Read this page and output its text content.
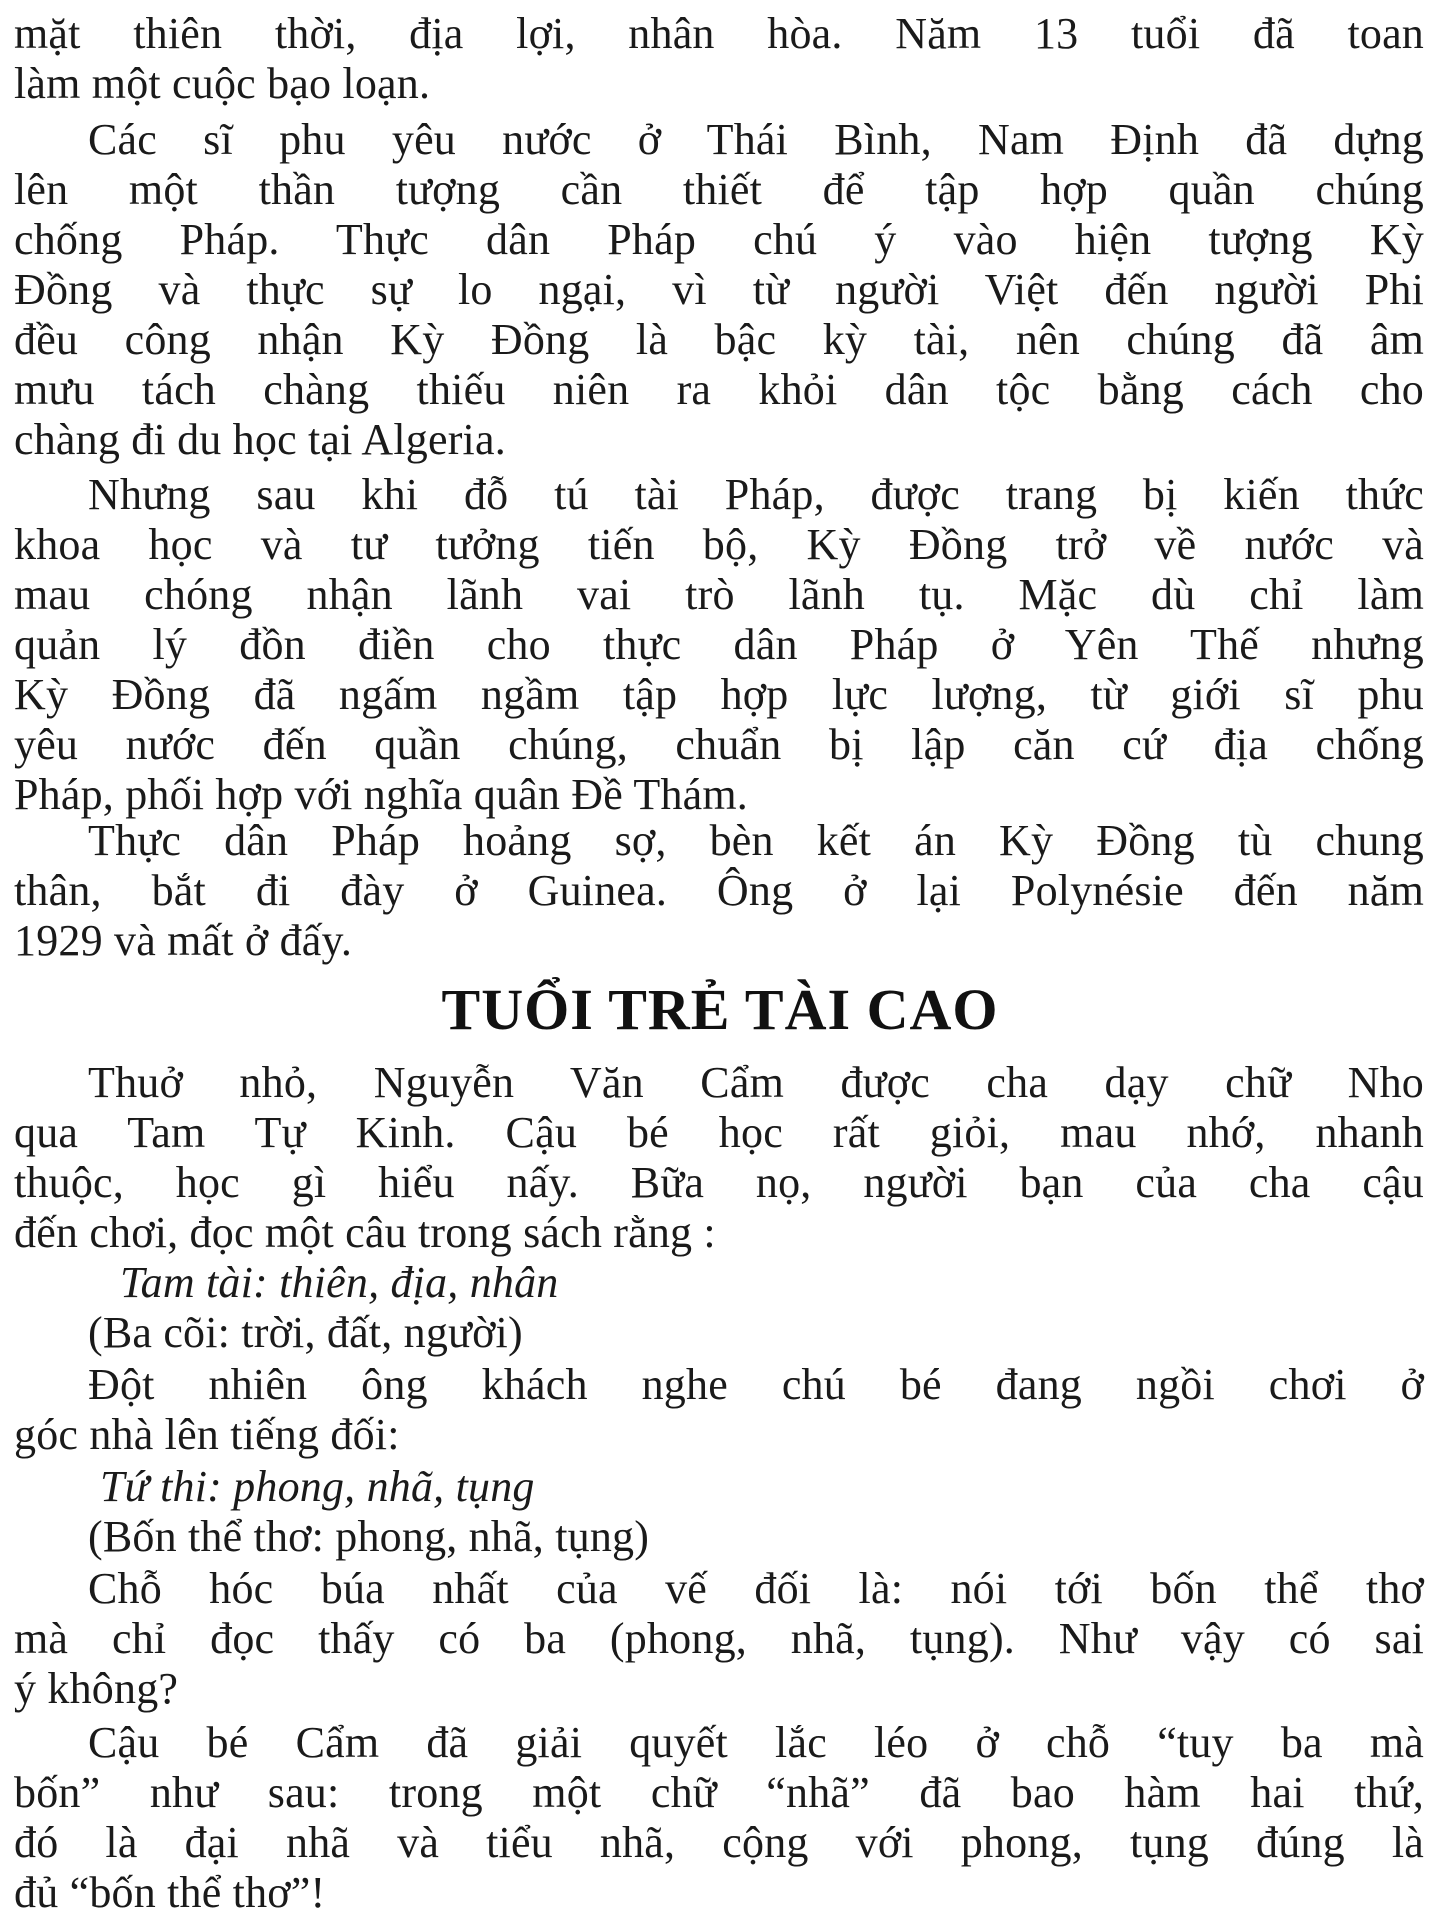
mặt thiên thời, địa lợi, nhân hòa. Năm 13 tuổi đã toan
làm một cuộc bạo loạn.
Các sĩ phu yêu nước ở Thái Bình, Nam Định đã dựng
lên một thần tượng cần thiết để tập hợp quần chúng
chống Pháp. Thực dân Pháp chú ý vào hiện tượng Kỳ
Đồng và thực sự lo ngại, vì từ người Việt đến người Phi
đều công nhận Kỳ Đồng là bậc kỳ tài, nên chúng đã âm
mưu tách chàng thiếu niên ra khỏi dân tộc bằng cách cho
chàng đi du học tại Algeria.
Nhưng sau khi đỗ tú tài Pháp, được trang bị kiến thức
khoa học và tư tưởng tiến bộ, Kỳ Đồng trở về nước và
mau chóng nhận lãnh vai trò lãnh tụ. Mặc dù chỉ làm
quản lý đồn điền cho thực dân Pháp ở Yên Thế nhưng
Kỳ Đồng đã ngấm ngầm tập hợp lực lượng, từ giới sĩ phu
yêu nước đến quần chúng, chuẩn bị lập căn cứ địa chống
Pháp, phối hợp với nghĩa quân Đề Thám.
Thực dân Pháp hoảng sợ, bèn kết án Kỳ Đồng tù chung
thân, bắt đi đày ở Guinea. Ông ở lại Polynésie đến năm
1929 và mất ở đấy.
TUỔI TRẺ TÀI CAO
Thuở nhỏ, Nguyễn Văn Cẩm được cha dạy chữ Nho
qua Tam Tự Kinh. Cậu bé học rất giỏi, mau nhớ, nhanh
thuộc, học gì hiểu nấy. Bữa nọ, người bạn của cha cậu
đến chơi, đọc một câu trong sách rằng :
Tam tài: thiên, địa, nhân
(Ba cõi: trời, đất, người)
Đột nhiên ông khách nghe chú bé đang ngồi chơi ở
góc nhà lên tiếng đối:
Tứ thi: phong, nhã, tụng
(Bốn thể thơ: phong, nhã, tụng)
Chỗ hóc búa nhất của vế đối là: nói tới bốn thể thơ
mà chỉ đọc thấy có ba (phong, nhã, tụng). Như vậy có sai
ý không?
Cậu bé Cẩm đã giải quyết lắc léo ở chỗ “tuy ba mà
bốn” như sau: trong một chữ “nhã” đã bao hàm hai thứ,
đó là đại nhã và tiểu nhã, cộng với phong, tụng đúng là
đủ “bốn thể thơ”!
